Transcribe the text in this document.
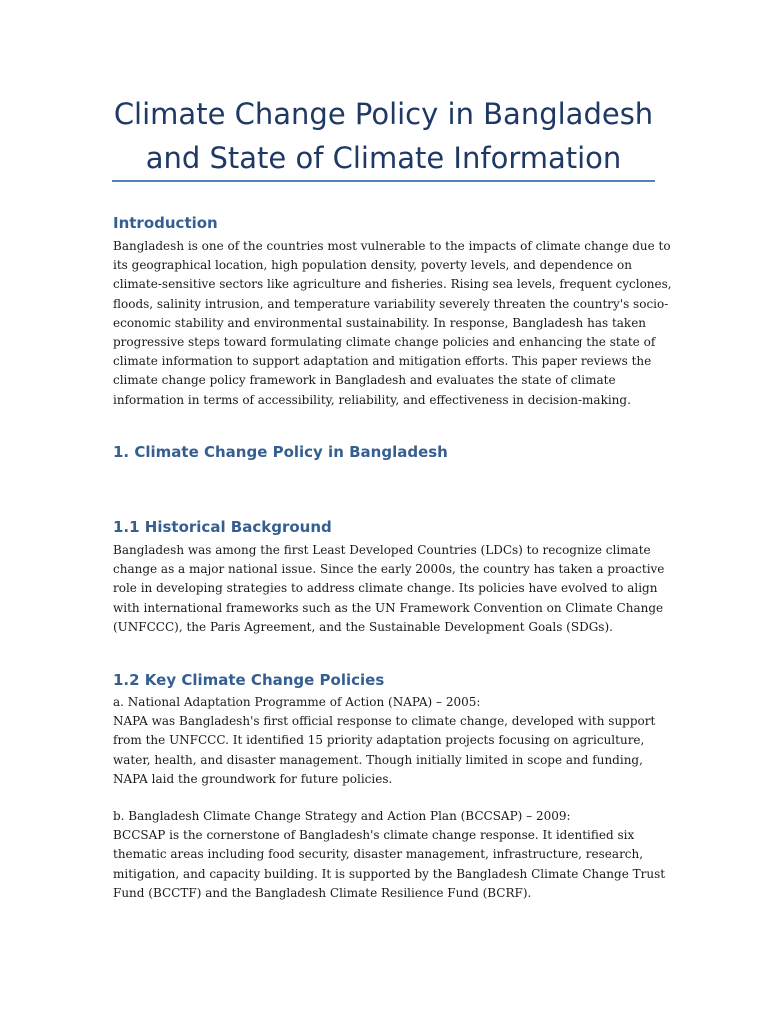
Climate Change Policy in Bangladesh
and State of Climate Information
Introduction

Bangladesh is one of the countries most vulnerable to the impacts of climate change due to
its geographical location, high population density, poverty levels, and dependence on
climate-sensitive sectors like agriculture and fisheries. Rising sea levels, frequent cyclones,
floods, salinity intrusion, and temperature variability severely threaten the country's socio-
economic stability and environmental sustainability. In response, Bangladesh has taken
progressive steps toward formulating climate change policies and enhancing the state of
climate information to support adaptation and mitigation efforts. This paper reviews the
climate change policy framework in Bangladesh and evaluates the state of climate
information in terms of accessibility, reliability, and effectiveness in decision-making.

1. Climate Change Policy in Bangladesh
1.1 Historical Background

Bangladesh was among the first Least Developed Countries (LDCs) to recognize climate
change as a major national issue. Since the early 2000s, the country has taken a proactive
role in developing strategies to address climate change. Its policies have evolved to align
with international frameworks such as the UN Framework Convention on Climate Change
(UNFCCC), the Paris Agreement, and the Sustainable Development Goals (SDGs).

1.2 Key Climate Change Policies

a. National Adaptation Programme of Action (NAPA) – 2005:
NAPA was Bangladesh's first official response to climate change, developed with support
from the UNFCCC. It identified 15 priority adaptation projects focusing on agriculture,
water, health, and disaster management. Though initially limited in scope and funding,
NAPA laid the groundwork for future policies.

b. Bangladesh Climate Change Strategy and Action Plan (BCCSAP) – 2009:
BCCSAP is the cornerstone of Bangladesh's climate change response. It identified six
thematic areas including food security, disaster management, infrastructure, research,
mitigation, and capacity building. It is supported by the Bangladesh Climate Change Trust
Fund (BCCTF) and the Bangladesh Climate Resilience Fund (BCRF).
